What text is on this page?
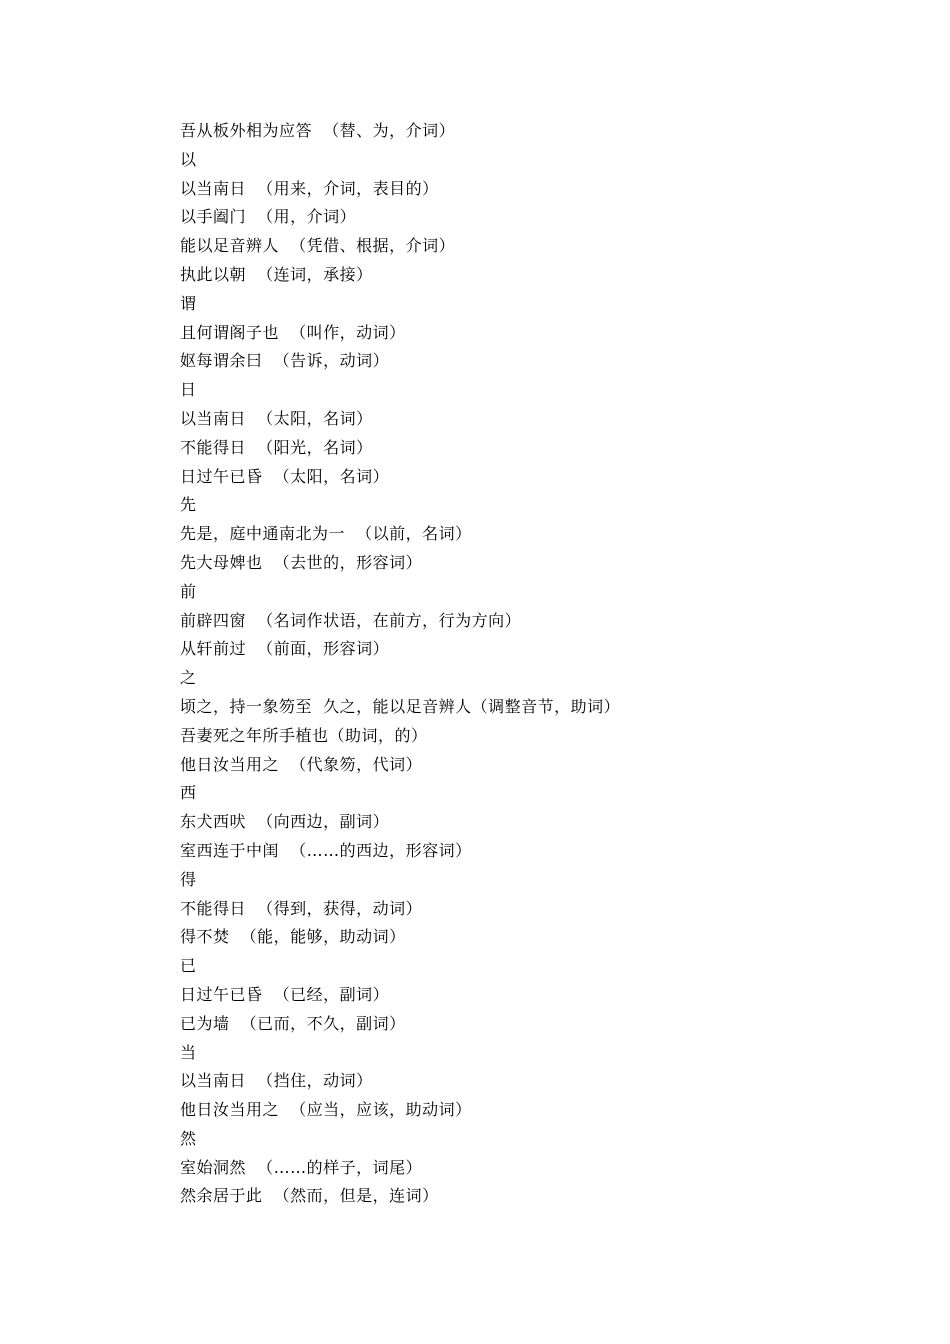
吾从板外相为应答  （替、为，介词）
以
以当南日  （用来，介词，表目的）
以手阖门  （用，介词）
能以足音辨人  （凭借、根据，介词）
执此以朝  （连词，承接）
谓
且何谓阁子也  （叫作，动词）
妪每谓余曰  （告诉，动词）
日
以当南日  （太阳，名词）
不能得日  （阳光，名词）
日过午已昏  （太阳，名词）
先
先是，庭中通南北为一  （以前，名词）
先大母婢也  （去世的，形容词）
前
前辟四窗  （名词作状语，在前方，行为方向）
从轩前过  （前面，形容词）
之
顷之，持一象笏至  久之，能以足音辨人（调整音节，助词）
吾妻死之年所手植也（助词，的）
他日汝当用之  （代象笏，代词）
西
东犬西吠  （向西边，副词）
室西连于中闺  （……的西边，形容词）
得
不能得日  （得到，获得，动词）
得不焚  （能，能够，助动词）
已
日过午已昏  （已经，副词）
已为墙  （已而，不久，副词）
当
以当南日  （挡住，动词）
他日汝当用之  （应当，应该，助动词）
然
室始洞然  （……的样子，词尾）
然余居于此  （然而，但是，连词）
